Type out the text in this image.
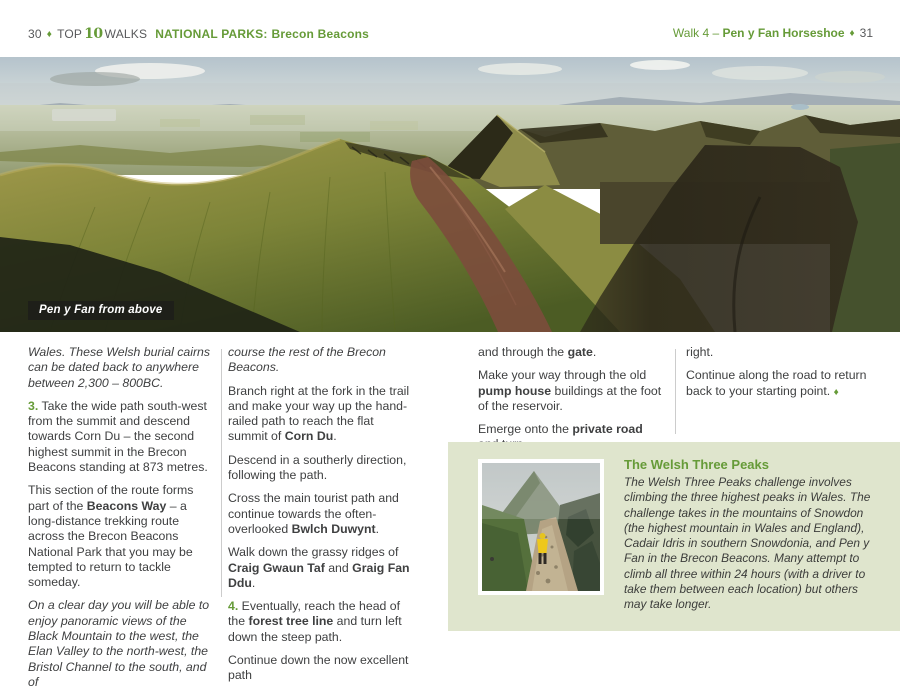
30 ♦ TOP 10 WALKS NATIONAL PARKS: Brecon Beacons	Walk 4 – Pen y Fan Horseshoe ♦ 31
Pen y Fan from above

Wales. These Welsh burial cairns can be dated back to anywhere between 2,300 – 800BC.

3. Take the wide path south-west from the summit and descend towards Corn Du – the second highest summit in the Brecon Beacons standing at 873 metres.

This section of the route forms part of the Beacons Way – a long-distance trekking route across the Brecon Beacons National Park that you may be tempted to return to tackle someday.

On a clear day you will be able to enjoy panoramic views of the Black Mountain to the west, the Elan Valley to the north-west, the Bristol Channel to the south, and of

course the rest of the Brecon Beacons.

Branch right at the fork in the trail and make your way up the hand-railed path to reach the flat summit of Corn Du.

Descend in a southerly direction, following the path.

Cross the main tourist path and continue towards the often-overlooked Bwlch Duwynt.

Walk down the grassy ridges of Craig Gwaun Taf and Graig Fan Ddu.

4. Eventually, reach the head of the forest tree line and turn left down the steep path.

Continue down the now excellent path

and through the gate.

Make your way through the old pump house buildings at the foot of the reservoir.

Emerge onto the private road

right.

Continue along the road to return back to your starting point. ♦

The Welsh Three Peaks

The Welsh Three Peaks challenge involves climbing the three highest peaks in Wales. The challenge takes in the mountains of Snowdon (the highest mountain in Wales and England), Cadair Idris in southern Snowdonia, and Pen y Fan in the Brecon Beacons. Many attempt to climb all three within 24 hours (with a driver to take them between each location) but others may take longer.
